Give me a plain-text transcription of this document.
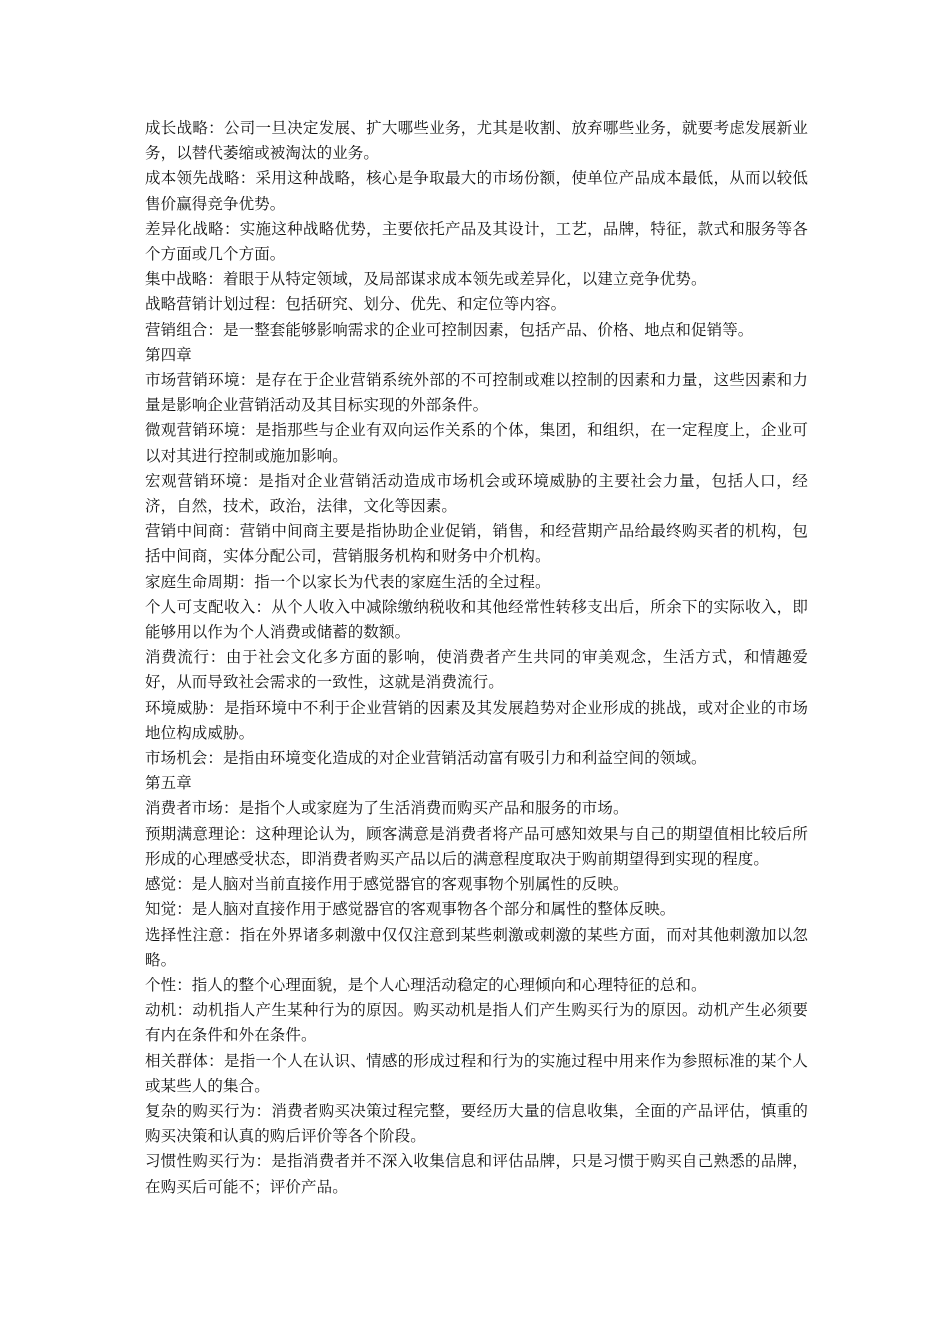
成长战略：公司一旦决定发展、扩大哪些业务，尤其是收割、放弃哪些业务，就要考虑发展新业务，以替代萎缩或被淘汰的业务。

成本领先战略：采用这种战略，核心是争取最大的市场份额，使单位产品成本最低，从而以较低售价赢得竞争优势。

差异化战略：实施这种战略优势，主要依托产品及其设计，工艺，品牌，特征，款式和服务等各个方面或几个方面。

集中战略：着眼于从特定领域，及局部谋求成本领先或差异化，以建立竞争优势。

战略营销计划过程：包括研究、划分、优先、和定位等内容。

营销组合：是一整套能够影响需求的企业可控制因素，包括产品、价格、地点和促销等。

第四章

市场营销环境：是存在于企业营销系统外部的不可控制或难以控制的因素和力量，这些因素和力量是影响企业营销活动及其目标实现的外部条件。

微观营销环境：是指那些与企业有双向运作关系的个体，集团，和组织，在一定程度上，企业可以对其进行控制或施加影响。

宏观营销环境：是指对企业营销活动造成市场机会或环境威胁的主要社会力量，包括人口，经济，自然，技术，政治，法律，文化等因素。

营销中间商：营销中间商主要是指协助企业促销，销售，和经营期产品给最终购买者的机构，包括中间商，实体分配公司，营销服务机构和财务中介机构。

家庭生命周期：指一个以家长为代表的家庭生活的全过程。

个人可支配收入：从个人收入中减除缴纳税收和其他经常性转移支出后，所余下的实际收入，即能够用以作为个人消费或储蓄的数额。

消费流行：由于社会文化多方面的影响，使消费者产生共同的审美观念，生活方式，和情趣爱好，从而导致社会需求的一致性，这就是消费流行。

环境威胁：是指环境中不利于企业营销的因素及其发展趋势对企业形成的挑战，或对企业的市场地位构成威胁。

市场机会：是指由环境变化造成的对企业营销活动富有吸引力和利益空间的领域。

第五章

消费者市场：是指个人或家庭为了生活消费而购买产品和服务的市场。

预期满意理论：这种理论认为，顾客满意是消费者将产品可感知效果与自己的期望值相比较后所形成的心理感受状态，即消费者购买产品以后的满意程度取决于购前期望得到实现的程度。

感觉：是人脑对当前直接作用于感觉器官的客观事物个别属性的反映。

知觉：是人脑对直接作用于感觉器官的客观事物各个部分和属性的整体反映。

选择性注意：指在外界诸多刺激中仅仅注意到某些刺激或刺激的某些方面，而对其他刺激加以忽略。

个性：指人的整个心理面貌，是个人心理活动稳定的心理倾向和心理特征的总和。

动机：动机指人产生某种行为的原因。购买动机是指人们产生购买行为的原因。动机产生必须要有内在条件和外在条件。

相关群体：是指一个人在认识、情感的形成过程和行为的实施过程中用来作为参照标准的某个人或某些人的集合。

复杂的购买行为：消费者购买决策过程完整，要经历大量的信息收集，全面的产品评估，慎重的购买决策和认真的购后评价等各个阶段。

习惯性购买行为：是指消费者并不深入收集信息和评估品牌，只是习惯于购买自己熟悉的品牌，在购买后可能不；评价产品。
